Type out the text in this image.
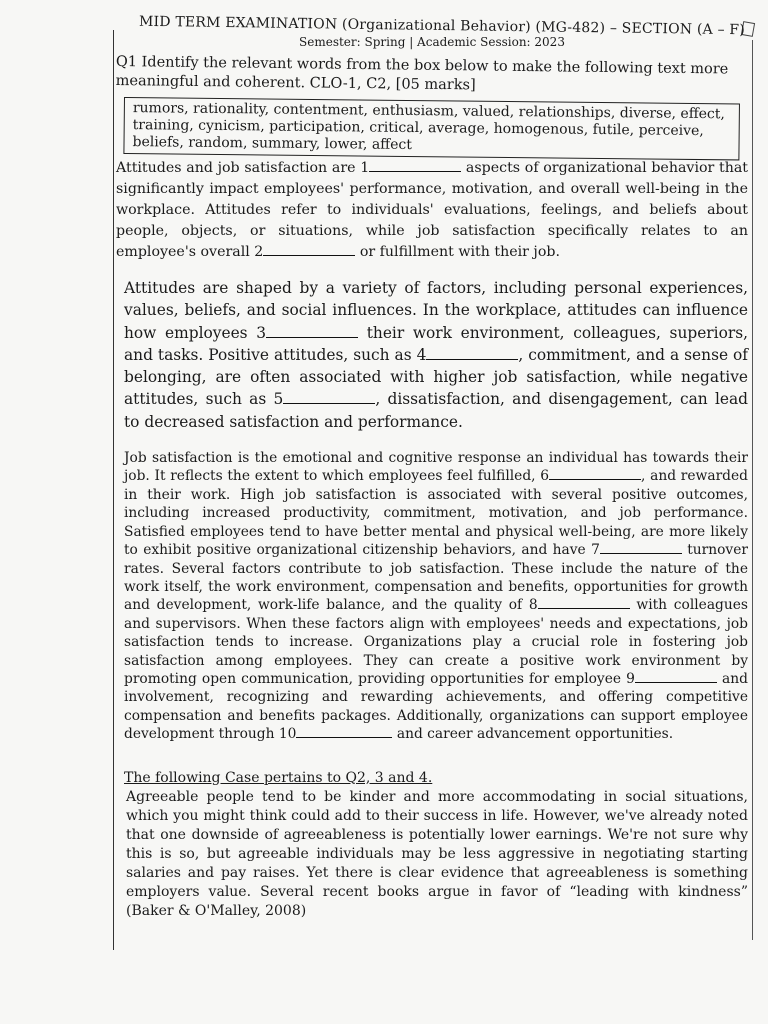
MID TERM EXAMINATION (Organizational Behavior) (MG-482) – SECTION (A – F)
Semester: Spring | Academic Session: 2023
Q1 Identify the relevant words from the box below to make the following text more meaningful and coherent. CLO-1, C2, [05 marks]
rumors, rationality, contentment, enthusiasm, valued, relationships, diverse, effect, training, cynicism, participation, critical, average, homogenous, futile, perceive, beliefs, random, summary, lower, affect
Attitudes and job satisfaction are 1	aspects of organizational behavior that significantly impact employees' performance, motivation, and overall well-being in the workplace. Attitudes refer to individuals' evaluations, feelings, and beliefs about people, objects, or situations, while job satisfaction specifically relates to an employee's overall 2	or fulfillment with their job.
Attitudes are shaped by a variety of factors, including personal experiences, values, beliefs, and social influences. In the workplace, attitudes can influence how employees 3	their work environment, colleagues, superiors, and tasks. Positive attitudes, such as 4	, commitment, and a sense of belonging, are often associated with higher job satisfaction, while negative attitudes, such as 5	, dissatisfaction, and disengagement, can lead to decreased satisfaction and performance.
Job satisfaction is the emotional and cognitive response an individual has towards their job. It reflects the extent to which employees feel fulfilled, 6	, and rewarded in their work. High job satisfaction is associated with several positive outcomes, including increased productivity, commitment, motivation, and job performance. Satisfied employees tend to have better mental and physical well-being, are more likely to exhibit positive organizational citizenship behaviors, and have 7	turnover rates. Several factors contribute to job satisfaction. These include the nature of the work itself, the work environment, compensation and benefits, opportunities for growth and development, work-life balance, and the quality of 8	with colleagues and supervisors. When these factors align with employees' needs and expectations, job satisfaction tends to increase. Organizations play a crucial role in fostering job satisfaction among employees. They can create a positive work environment by promoting open communication, providing opportunities for employee 9	and involvement, recognizing and rewarding achievements, and offering competitive compensation and benefits packages. Additionally, organizations can support employee development through 10	and career advancement opportunities.
The following Case pertains to Q2, 3 and 4.
Agreeable people tend to be kinder and more accommodating in social situations, which you might think could add to their success in life. However, we've already noted that one downside of agreeableness is potentially lower earnings. We're not sure why this is so, but agreeable individuals may be less aggressive in negotiating starting salaries and pay raises. Yet there is clear evidence that agreeableness is something employers value. Several recent books argue in favor of “leading with kindness” (Baker & O'Malley, 2008)
